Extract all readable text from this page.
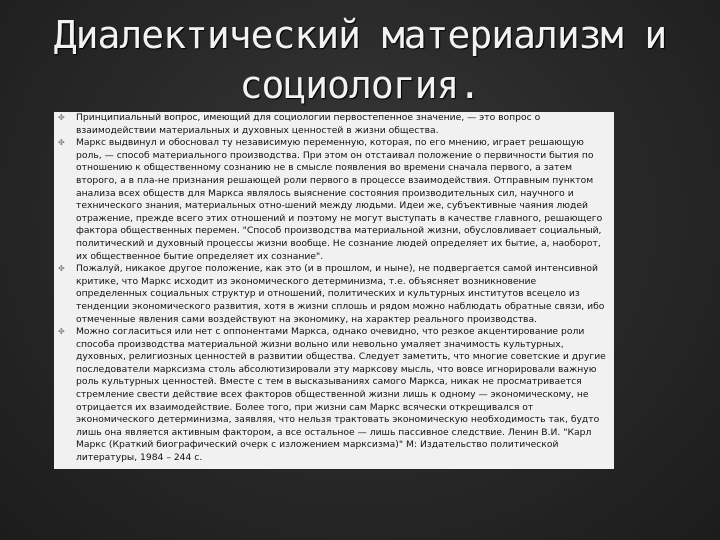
Диалектический материализм и социология.
✤ Принципиальный вопрос, имеющий для социологии первостепенное значение, — это вопрос о взаимодействии материальных и духовных ценностей в жизни общества.
✤ Маркс выдвинул и обосновал ту независимую переменную, которая, по его мнению, играет решающую роль, — способ материального производства. При этом он отстаивал положение о первичности бытия по отношению к общественному сознанию не в смысле появления во времени сначала первого, а затем второго, а в пла-не признания решающей роли первого в процессе взаимодействия. Отправным пунктом анализа всех обществ для Маркса являлось выяснение состояния производительных сил, научного и технического знания, материальных отно-шений между людьми. Идеи же, субъективные чаяния людей отражение, прежде всего этих отношений и поэтому не могут выступать в качестве главного, решающего фактора общественных перемен. "Способ производства материальной жизни, обусловливает социальный, политический и духовный процессы жизни вообще. Не сознание людей определяет их бытие, а, наоборот, их общественное бытие определяет их сознание".
✤ Пожалуй, никакое другое положение, как это (и в прошлом, и ныне), не подвергается самой интенсивной критике, что Маркс исходит из экономического детерминизма, т.е. объясняет возникновение определенных социальных структур и отношений, политических и культурных институтов всецело из тенденции экономического развития, хотя в жизни сплошь и рядом можно наблюдать обратные связи, ибо отмеченные явления сами воздействуют на экономику, на характер реального производства.
✤ Можно согласиться или нет с оппонентами Маркса, однако очевидно, что резкое акцентирование роли способа производства материальной жизни вольно или невольно умаляет значимость культурных, духовных, религиозных ценностей в развитии общества. Следует заметить, что многие советские и другие последователи марксизма столь абсолютизировали эту марксову мысль, что вовсе игнорировали важную роль культурных ценностей. Вместе с тем в высказываниях самого Маркса, никак не просматривается стремление свести действие всех факторов общественной жизни лишь к одному — экономическому, не отрицается их взаимодействие. Более того, при жизни сам Маркс всячески открещивался от экономического детерминизма, заявляя, что нельзя трактовать экономическую необходимость так, будто лишь она является активным фактором, а все остальное — лишь пассивное следствие. Ленин В.И. "Карл Маркс (Краткий биографический очерк с изложением марксизма)" М: Издательство политической литературы, 1984 – 244 с.
